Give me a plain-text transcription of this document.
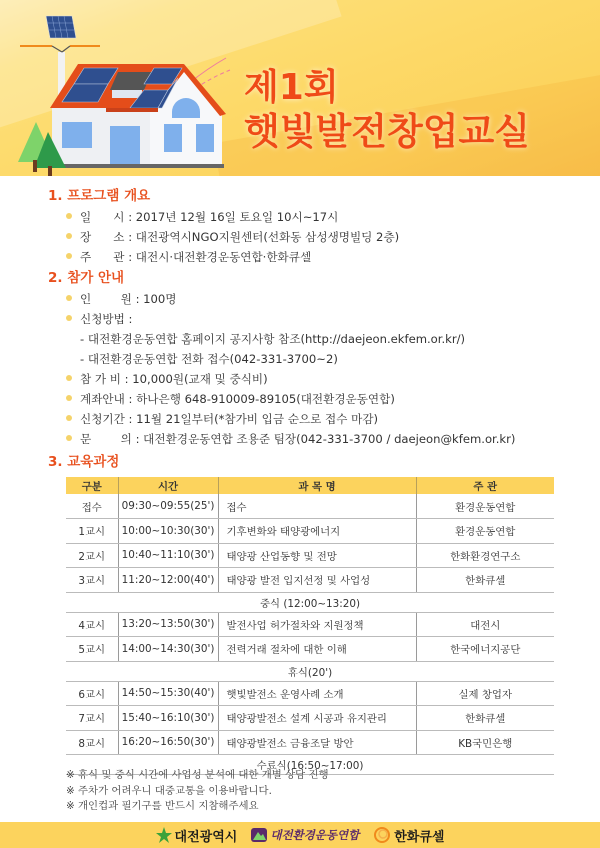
제1회
햇빛발전창업교실
1. 프로그램 개요
일      시 : 2017년 12월 16일 토요일 10시~17시
장      소 : 대전광역시NGO지원센터(선화동 삼성생명빌딩 2층)
주      관 : 대전시·대전환경운동연합·한화큐셀
2. 참가 안내
인        원 : 100명
신청방법 :
- 대전환경운동연합 홈페이지 공지사항 참조(http://daejeon.ekfem.or.kr/)
- 대전환경운동연합 전화 접수(042-331-3700~2)
참 가 비 : 10,000원(교재 및 중식비)
계좌안내 : 하나은행 648-910009-89105(대전환경운동연합)
신청기간 : 11월 21일부터(*참가비 입금 순으로 접수 마감)
문        의 : 대전환경운동연합 조용준 팀장(042-331-3700 / daejeon@kfem.or.kr)
3. 교육과정
구분	시간	과 목 명	주 관
접수	09:30~09:55(25')	접수	환경운동연합
1교시	10:00~10:30(30')	기후변화와 태양광에너지	환경운동연합
2교시	10:40~11:10(30')	태양광 산업동향 및 전망	한화환경연구소
3교시	11:20~12:00(40')	태양광 발전 입지선정 및 사업성	한화큐셀
중식 (12:00~13:20)			
4교시	13:20~13:50(30')	발전사업 허가절차와 지원정책	대전시
5교시	14:00~14:30(30')	전력거래 절차에 대한 이해	한국에너지공단
휴식(20')			
6교시	14:50~15:30(40')	햇빛발전소 운영사례 소개	실제 창업자
7교시	15:40~16:10(30')	태양광발전소 설계 시공과 유지관리	한화큐셀
8교시	16:20~16:50(30')	태양광발전소 금융조달 방안	KB국민은행
수료식(16:50~17:00)			
※ 휴식 및 중식 시간에 사업성 분석에 대한 개별 상담 진행
※ 주차가 어려우니 대중교통을 이용바랍니다.
※ 개인컵과 필기구를 반드시 지참해주세요
대전광역시	대전환경운동연합	한화큐셀
